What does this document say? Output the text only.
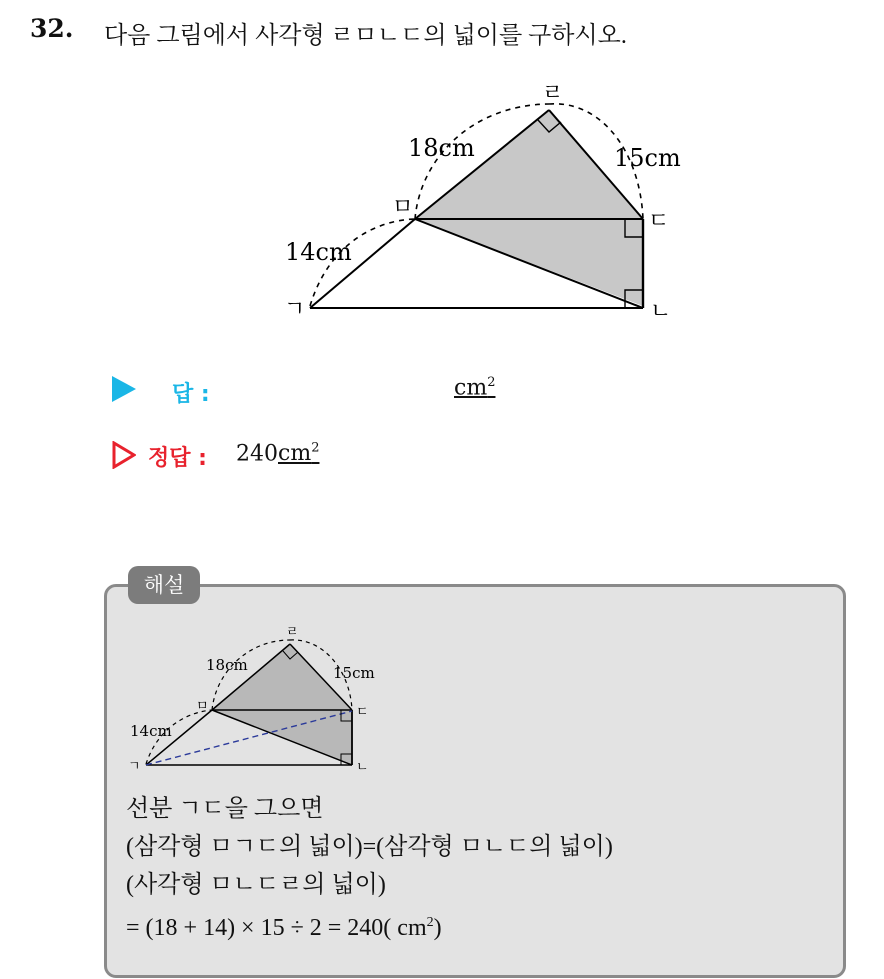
32. 다음 그림에서 사각형 ㄹㅁㄴㄷ의 넓이를 구하시오.
ㄹ
ㅁ
ㄷ
ㄱ	ㄴ
18cm	15cm
14cm
답 :	$cm^2$
정답 : $240cm^2$
해설
ㄹ
ㅁ	ㄷ
ㄱ	ㄴ
18cm	15cm
14cm
선분 ㄱㄷ을 그으면
(삼각형 ㅁㄱㄷ의 넓이)=(삼각형 ㅁㄴㄷ의 넓이)
(사각형 ㅁㄴㄷㄹ의 넓이)
= (18 + 14) × 15 ÷ 2 = 240( $cm^2$)
